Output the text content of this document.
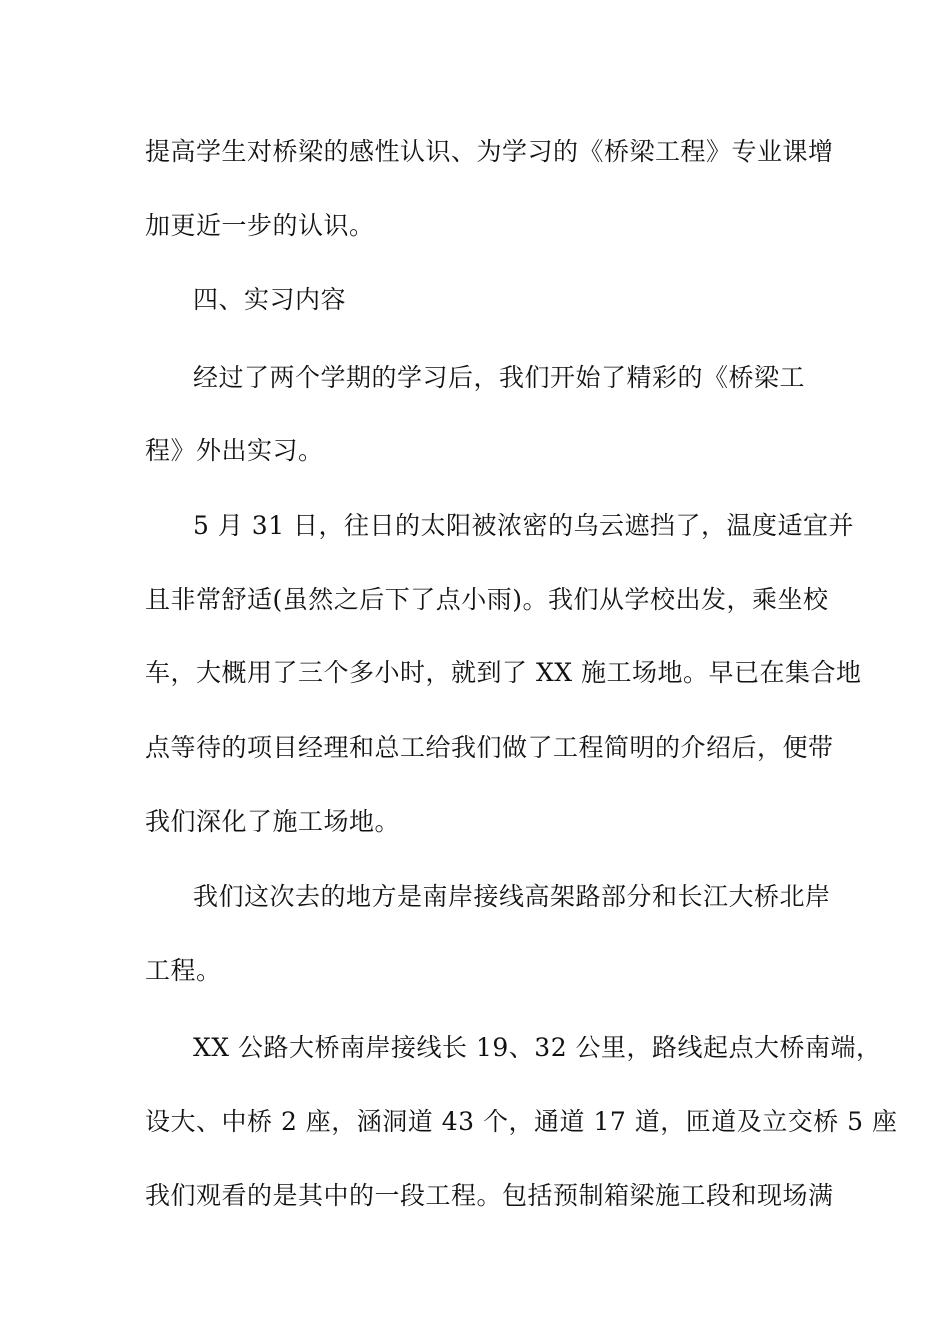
提高学生对桥梁的感性认识、为学习的《桥梁工程》专业课增
加更近一步的认识。
四、实习内容
经过了两个学期的学习后，我们开始了精彩的《桥梁工
程》外出实习。
5 月 31 日，往日的太阳被浓密的乌云遮挡了，温度适宜并
且非常舒适(虽然之后下了点小雨)。我们从学校出发，乘坐校
车，大概用了三个多小时，就到了 XX 施工场地。早已在集合地
点等待的项目经理和总工给我们做了工程简明的介绍后，便带
我们深化了施工场地。
我们这次去的地方是南岸接线高架路部分和长江大桥北岸
工程。
XX 公路大桥南岸接线长 19、32 公里，路线起点大桥南端，
设大、中桥 2 座，涵洞道 43 个，通道 17 道，匝道及立交桥 5 座
我们观看的是其中的一段工程。包括预制箱梁施工段和现场满
